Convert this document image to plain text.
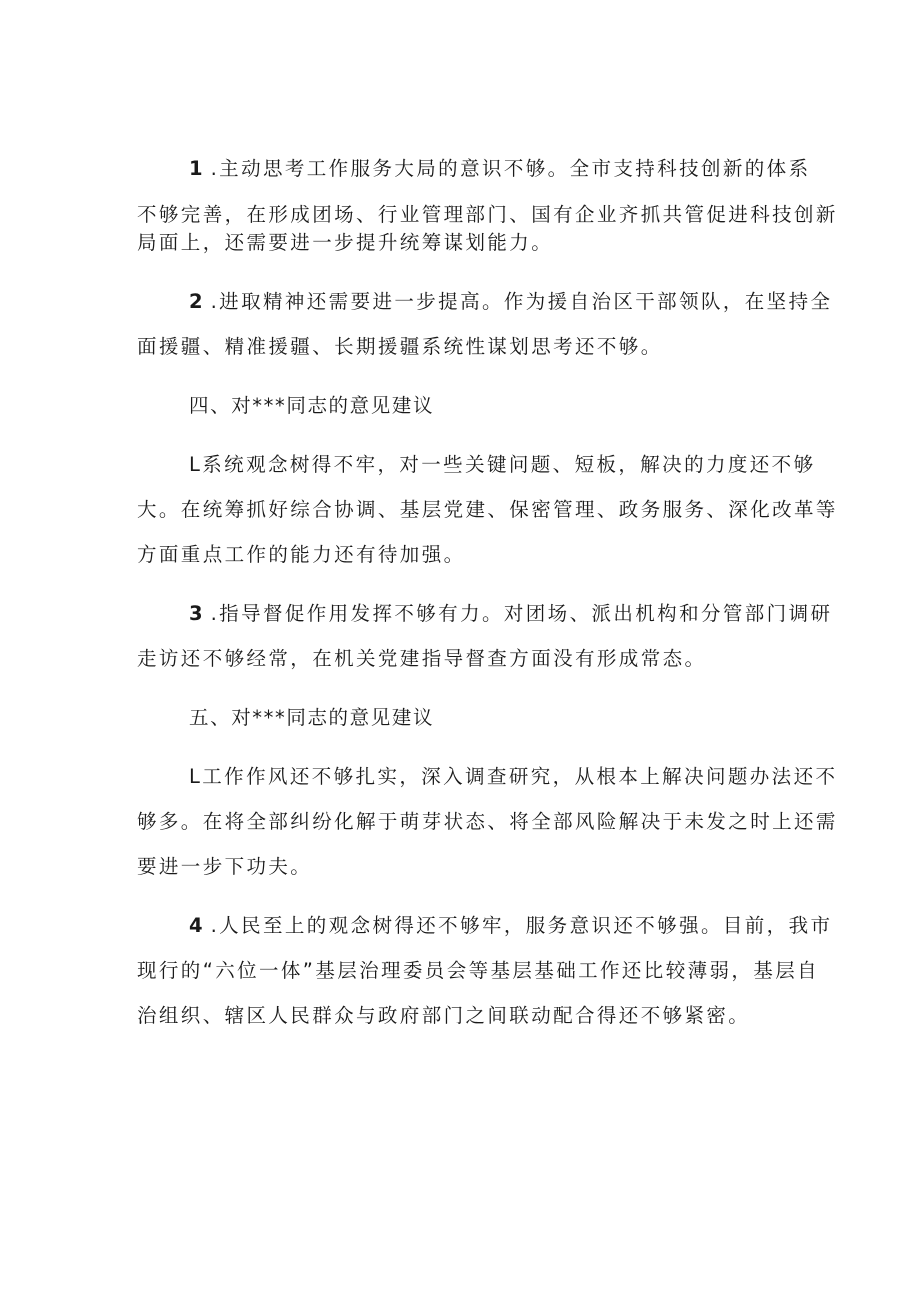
1 .主动思考工作服务大局的意识不够。全市支持科技创新的体系

不够完善，在形成团场、行业管理部门、国有企业齐抓共管促进科技创新

局面上，还需要进一步提升统筹谋划能力。

2 .进取精神还需要进一步提高。作为援自治区干部领队，在坚持全

面援疆、精准援疆、长期援疆系统性谋划思考还不够。

四、对***同志的意见建议

L系统观念树得不牢，对一些关键问题、短板，解决的力度还不够

大。在统筹抓好综合协调、基层党建、保密管理、政务服务、深化改革等

方面重点工作的能力还有待加强。

3 .指导督促作用发挥不够有力。对团场、派出机构和分管部门调研

走访还不够经常，在机关党建指导督查方面没有形成常态。

五、对***同志的意见建议

L工作作风还不够扎实，深入调查研究，从根本上解决问题办法还不

够多。在将全部纠纷化解于萌芽状态、将全部风险解决于未发之时上还需

要进一步下功夫。

4 .人民至上的观念树得还不够牢，服务意识还不够强。目前，我市

现行的“六位一体”基层治理委员会等基层基础工作还比较薄弱，基层自

治组织、辖区人民群众与政府部门之间联动配合得还不够紧密。
